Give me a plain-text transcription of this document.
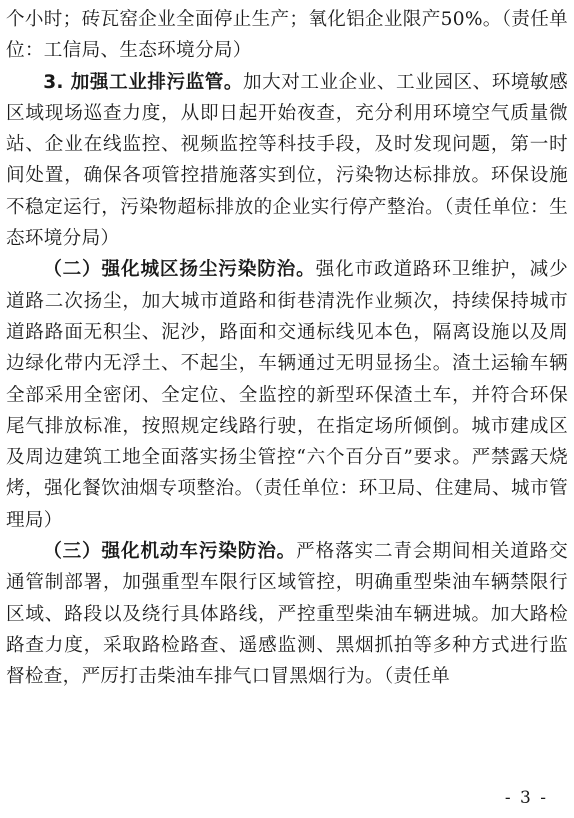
个小时；砖瓦窑企业全面停止生产；氧化铝企业限产50%。（责任单位：工信局、生态环境分局）

3. 加强工业排污监管。加大对工业企业、工业园区、环境敏感区域现场巡查力度，从即日起开始夜查，充分利用环境空气质量微站、企业在线监控、视频监控等科技手段，及时发现问题，第一时间处置，确保各项管控措施落实到位，污染物达标排放。环保设施不稳定运行，污染物超标排放的企业实行停产整治。（责任单位：生态环境分局）

（二）强化城区扬尘污染防治。强化市政道路环卫维护，减少道路二次扬尘，加大城市道路和街巷清洗作业频次，持续保持城市道路路面无积尘、泥沙，路面和交通标线见本色，隔离设施以及周边绿化带内无浮土、不起尘，车辆通过无明显扬尘。渣土运输车辆全部采用全密闭、全定位、全监控的新型环保渣土车，并符合环保尾气排放标准，按照规定线路行驶，在指定场所倾倒。城市建成区及周边建筑工地全面落实扬尘管控“六个百分百”要求。严禁露天烧烤，强化餐饮油烟专项整治。（责任单位：环卫局、住建局、城市管理局）

（三）强化机动车污染防治。严格落实二青会期间相关道路交通管制部署，加强重型车限行区域管控，明确重型柴油车辆禁限行区域、路段以及绕行具体路线，严控重型柴油车辆进城。加大路检路查力度，采取路检路查、遥感监测、黑烟抓拍等多种方式进行监督检查，严厉打击柴油车排气口冒黑烟行为。（责任单

- 3 -
